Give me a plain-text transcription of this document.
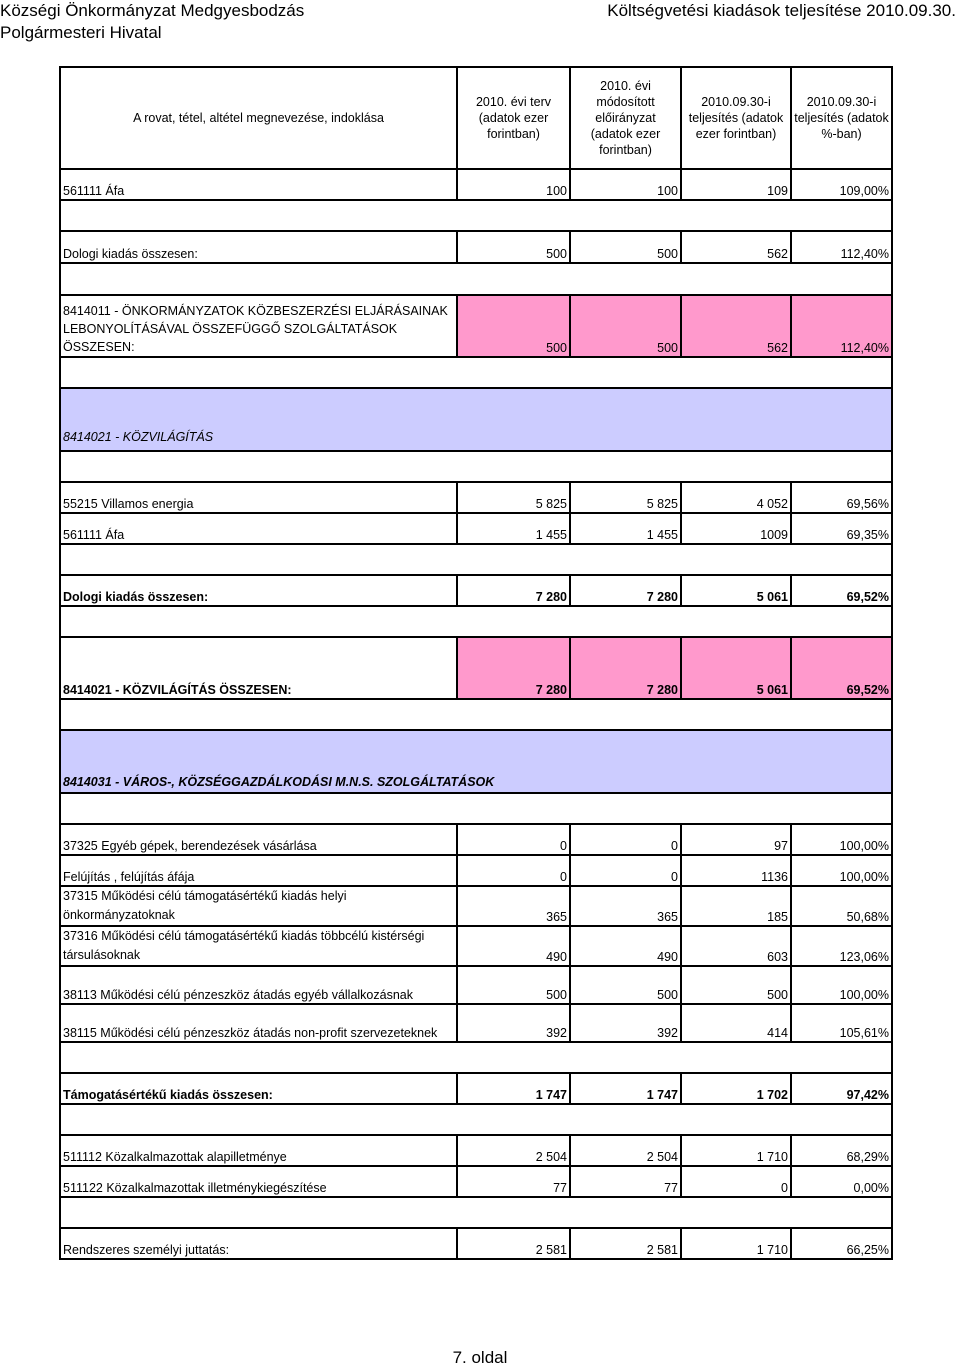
Községi Önkormányzat Medgyesbodzás
Polgármesteri Hivatal
Költségvetési kiadások teljesítése 2010.09.30.
A rovat, tétel, altétel megnevezése, indoklása	2010. évi terv (adatok ezer forintban)	2010. évi módosított előirányzat (adatok ezer forintban)	2010.09.30-i teljesítés (adatok ezer forintban)	2010.09.30-i teljesítés (adatok %-ban)
561111 Áfa	100	100	109	109,00%

Dologi kiadás összesen:	500	500	562	112,40%

8414011 - ÖNKORMÁNYZATOK KÖZBESZERZÉSI ELJÁRÁSAINAK LEBONYOLÍTÁSÁVAL ÖSSZEFÜGGŐ SZOLGÁLTATÁSOK ÖSSZESEN:	500	500	562	112,40%

8414021 - KÖZVILÁGÍTÁS				

55215 Villamos energia	5 825	5 825	4 052	69,56%
561111 Áfa	1 455	1 455	1009	69,35%

Dologi kiadás összesen:	7 280	7 280	5 061	69,52%

8414021 - KÖZVILÁGÍTÁS ÖSSZESEN:	7 280	7 280	5 061	69,52%

8414031 - VÁROS-, KÖZSÉGGAZDÁLKODÁSI M.N.S. SZOLGÁLTATÁSOK				

37325 Egyéb gépek, berendezések vásárlása	0	0	97	100,00%
Felújítás , felújítás áfája	0	0	1136	100,00%
37315 Működési célú támogatásértékű kiadás helyi önkormányzatoknak	365	365	185	50,68%
37316 Működési célú támogatásértékű kiadás többcélú kistérségi társulásoknak	490	490	603	123,06%
38113 Működési célú pénzeszköz átadás egyéb vállalkozásnak	500	500	500	100,00%
38115 Működési célú pénzeszköz átadás non-profit szervezeteknek	392	392	414	105,61%

Támogatásértékű kiadás összesen:	1 747	1 747	1 702	97,42%

511112 Közalkalmazottak alapilletménye	2 504	2 504	1 710	68,29%
511122 Közalkalmazottak illetménykiegészítése	77	77	0	0,00%

Rendszeres személyi juttatás:	2 581	2 581	1 710	66,25%
7. oldal
